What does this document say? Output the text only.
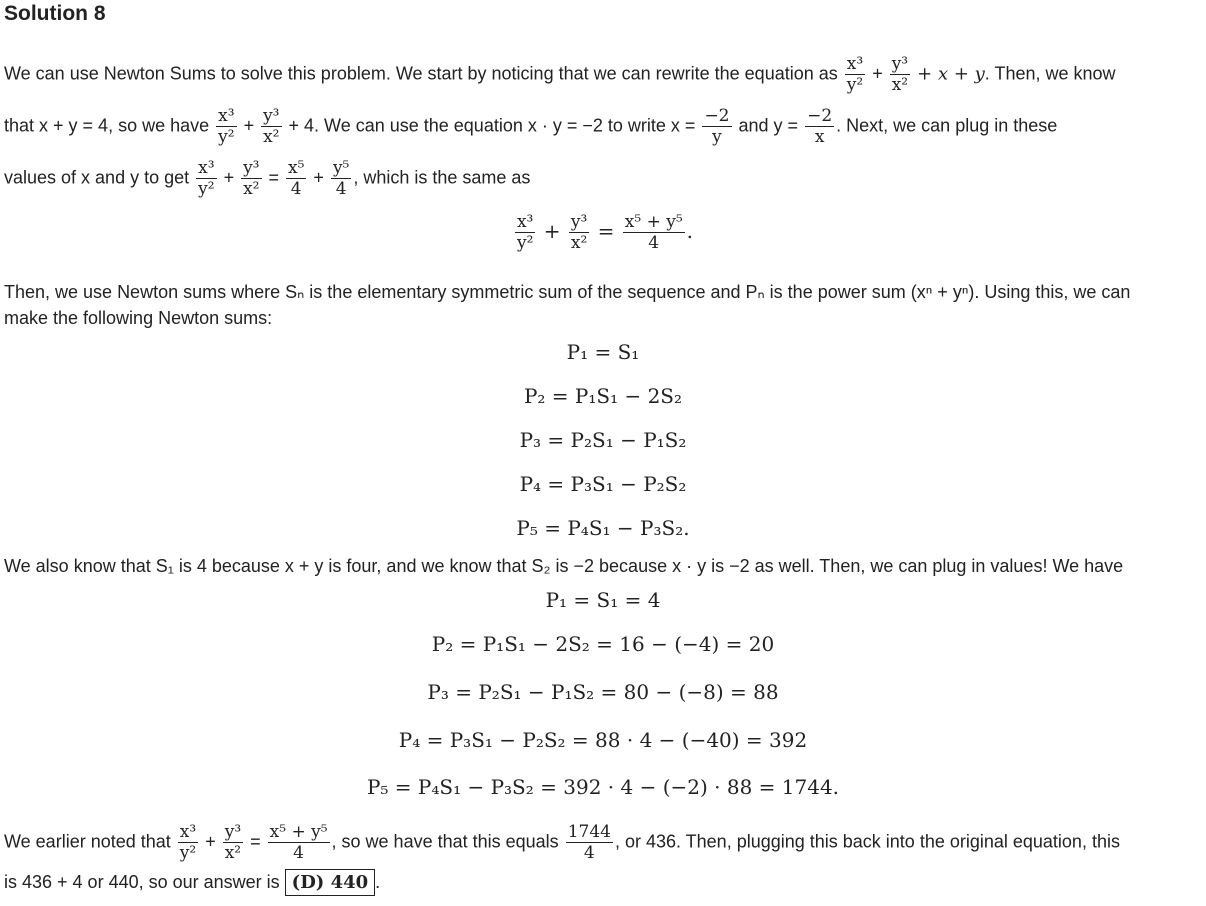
Solution 8
We can use Newton Sums to solve this problem. We start by noticing that we can rewrite the equation as $\frac{\text{x³}}{\text{y²}} + \frac{\text{y³}}{\text{x²}} + x + y$. Then, we know
that x + y = 4, so we have $\frac{\text{x³}}{\text{y²}} + \frac{\text{y³}}{\text{x²}} + 4$. We can use the equation x · y = −2 to write $x = \frac{-2}{y}$ and $y = \frac{-2}{x}$ . Next, we can plug in these
values of x and y to get $\frac{\text{x³}}{\text{y²}} + \frac{\text{y³}}{\text{x²}} = \frac{\text{x⁵}}{4} + \frac{\text{y⁵}}{4}$ , which is the same as
$\frac{\text{x³}}{\text{y²}} + \frac{\text{y³}}{\text{x²}} = \frac{\text{x⁵ + y⁵}}{4}$ .
Then, we use Newton sums where Sₙ is the elementary symmetric sum of the sequence and Pₙ is the power sum (xⁿ + yⁿ). Using this, we can
make the following Newton sums:
P₁ = S₁
P₂ = P₁S₁ − 2S₂
P₃ = P₂S₁ − P₁S₂
P₄ = P₃S₁ − P₂S₂
P₅ = P₄S₁ − P₃S₂.
We also know that S₁ is 4 because x + y is four, and we know that S₂ is −2 because x · y is −2 as well. Then, we can plug in values! We have
P₁ = S₁ = 4
P₂ = P₁S₁ − 2S₂ = 16 − (−4) = 20
P₃ = P₂S₁ − P₁S₂ = 80 − (−8) = 88
P₄ = P₃S₁ − P₂S₂ = 88 · 4 − (−40) = 392
P₅ = P₄S₁ − P₃S₂ = 392 · 4 − (−2) · 88 = 1744.
We earlier noted that $\frac{\text{x³}}{\text{y²}} + \frac{\text{y³}}{\text{x²}} = \frac{\text{x⁵ + y⁵}}{4}$ , so we have that this equals $\frac{1744}{4}$ , or 436. Then, plugging this back into the original equation, this
is 436 + 4 or 440, so our answer is (D) 440 .
